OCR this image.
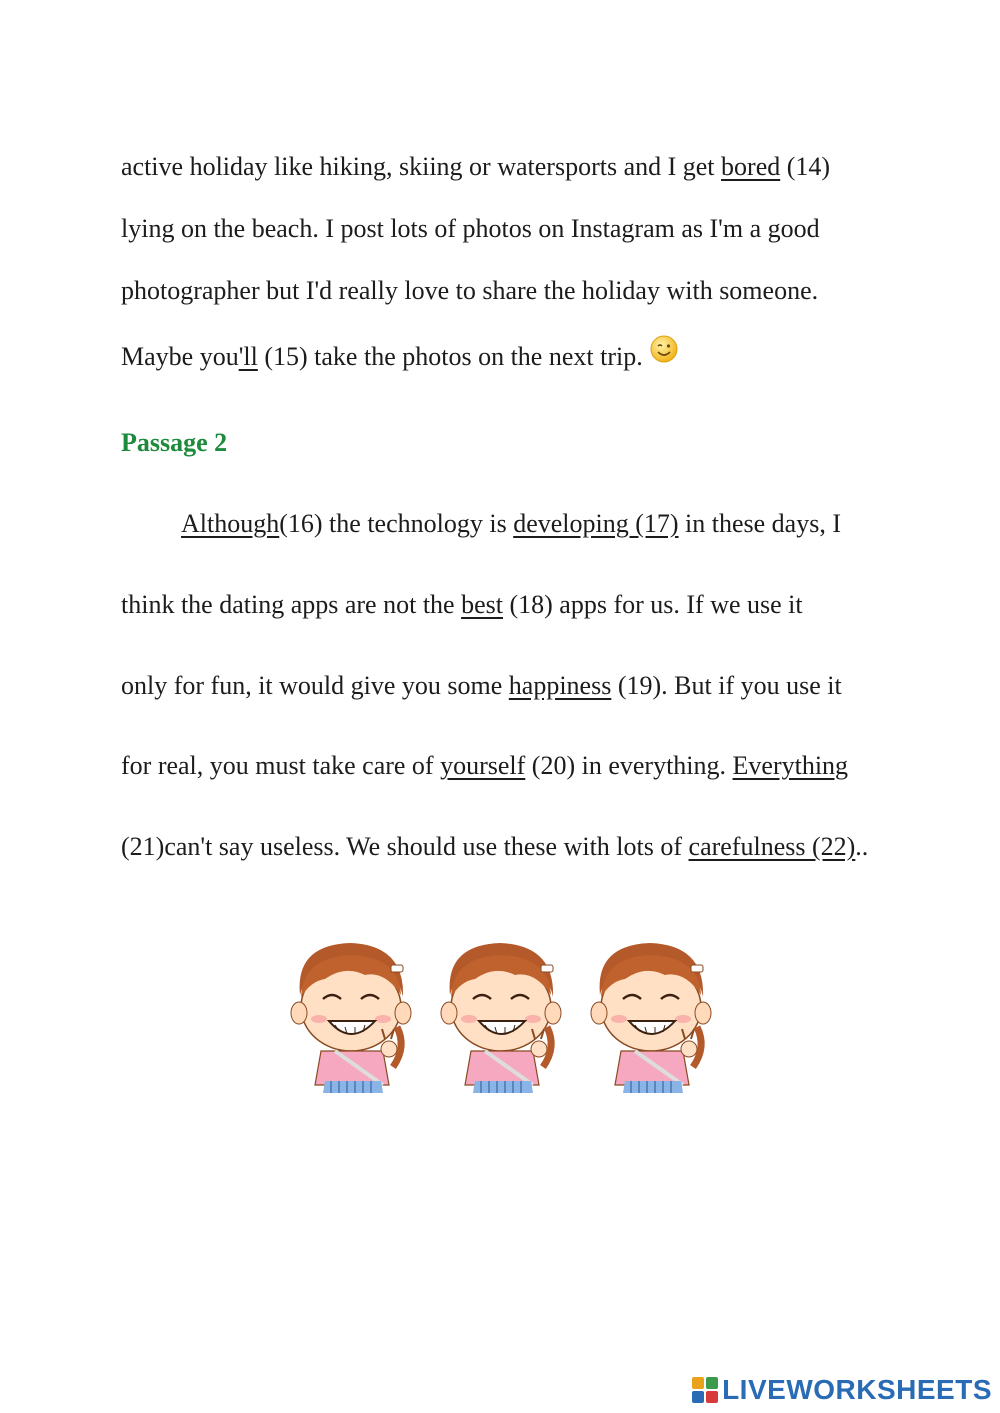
active holiday like hiking, skiing or watersports and I get bored (14)

lying on the beach. I post lots of photos on Instagram as I'm a good

photographer but I'd really love to share the holiday with someone.

Maybe you'll (15) take the photos on the next trip.

Passage 2

Although(16) the technology is developing (17) in these days, I

think the dating apps are not the best (18) apps for us. If we use it

only for fun, it would give you some happiness (19). But if you use it

for real, you must take care of yourself (20) in everything. Everything

(21)can't say useless. We should use these with lots of carefulness (22)..

LIVEWORKSHEETS
